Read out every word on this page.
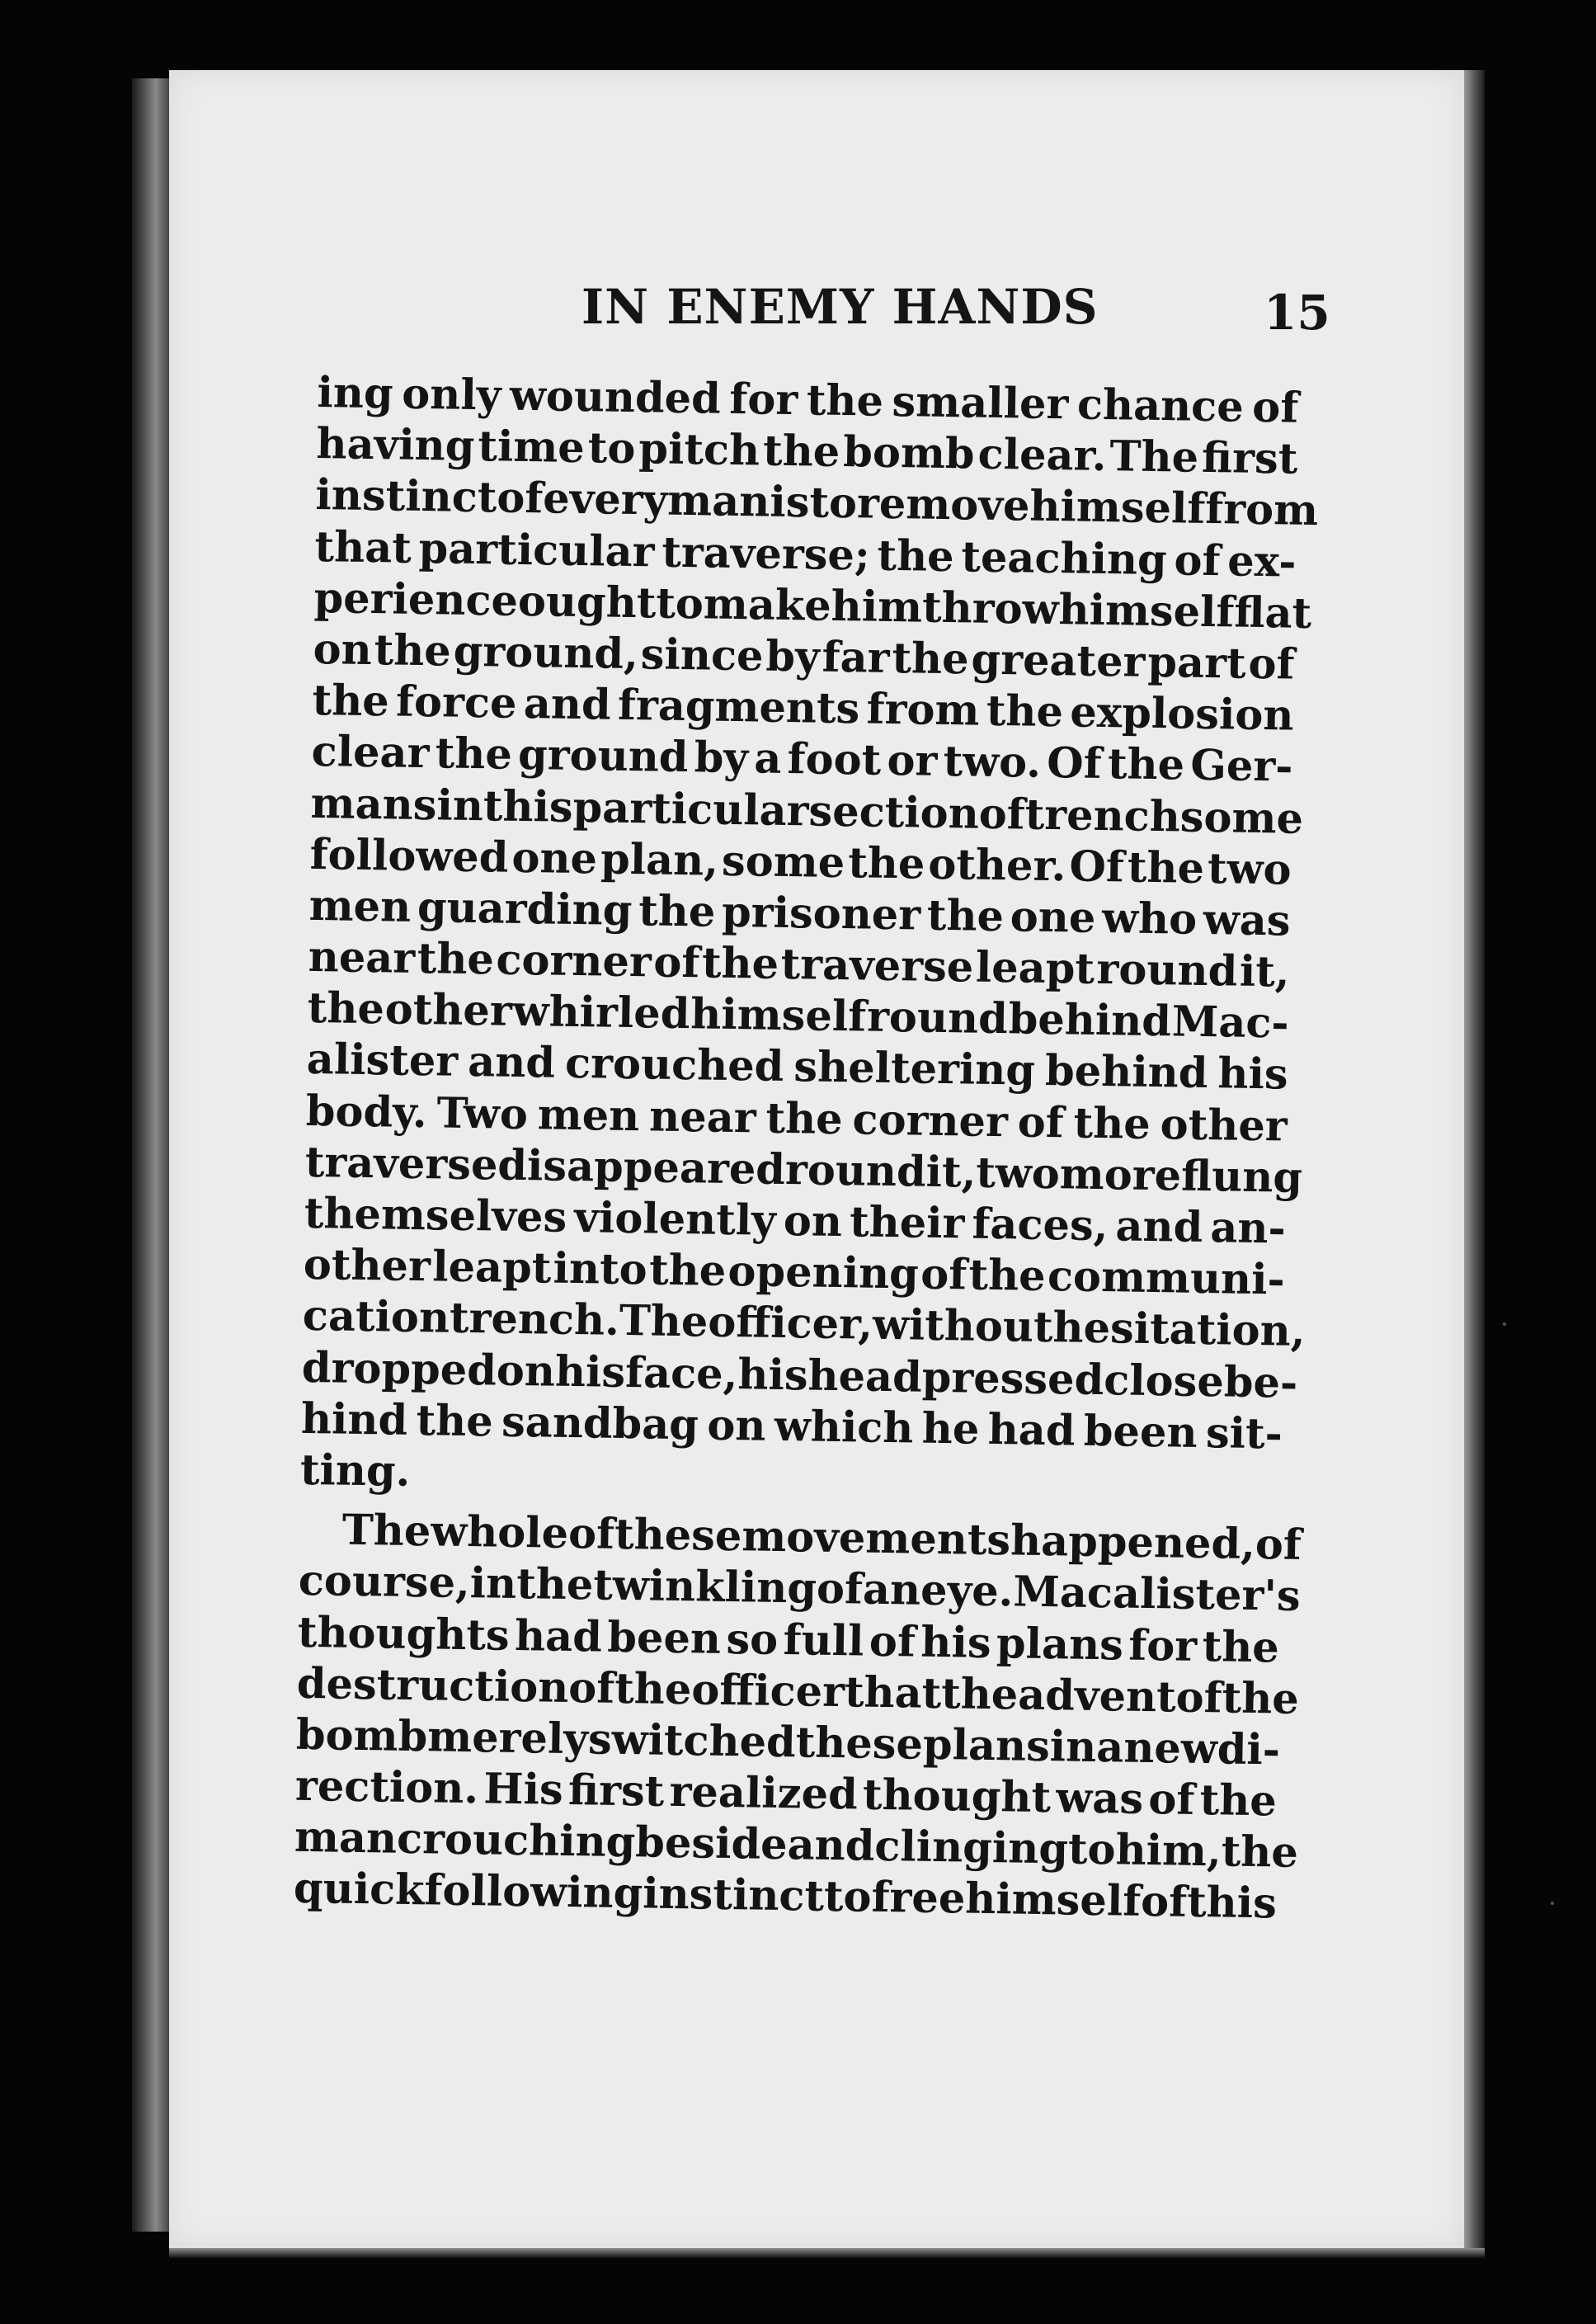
IN ENEMY HANDS	15
ing only wounded for the smaller chance of
having time to pitch the bomb clear. The first
instinct of every man is to remove himself from
that particular traverse; the teaching of ex-
perience ought to make him throw himself flat
on the ground, since by far the greater part of
the force and fragments from the explosion
clear the ground by a foot or two. Of the Ger-
mans in this particular section of trench some
followed one plan, some the other. Of the two
men guarding the prisoner the one who was
near the corner of the traverse leapt round it,
the other whirled himself round behind Mac-
alister and crouched sheltering behind his
body. Two men near the corner of the other
traverse disappeared round it, two more flung
themselves violently on their faces, and an-
other leapt into the opening of the communi-
cation trench. The officer, without hesitation,
dropped on his face, his head pressed close be-
hind the sandbag on which he had been sit-
ting.
The whole of these movements happened, of
course, in the twinkling of an eye. Macalister's
thoughts had been so full of his plans for the
destruction of the officer that the advent of the
bomb merely switched these plans in a new di-
rection. His first realized thought was of the
man crouching beside and clinging to him, the
quick following instinct to free himself of this
